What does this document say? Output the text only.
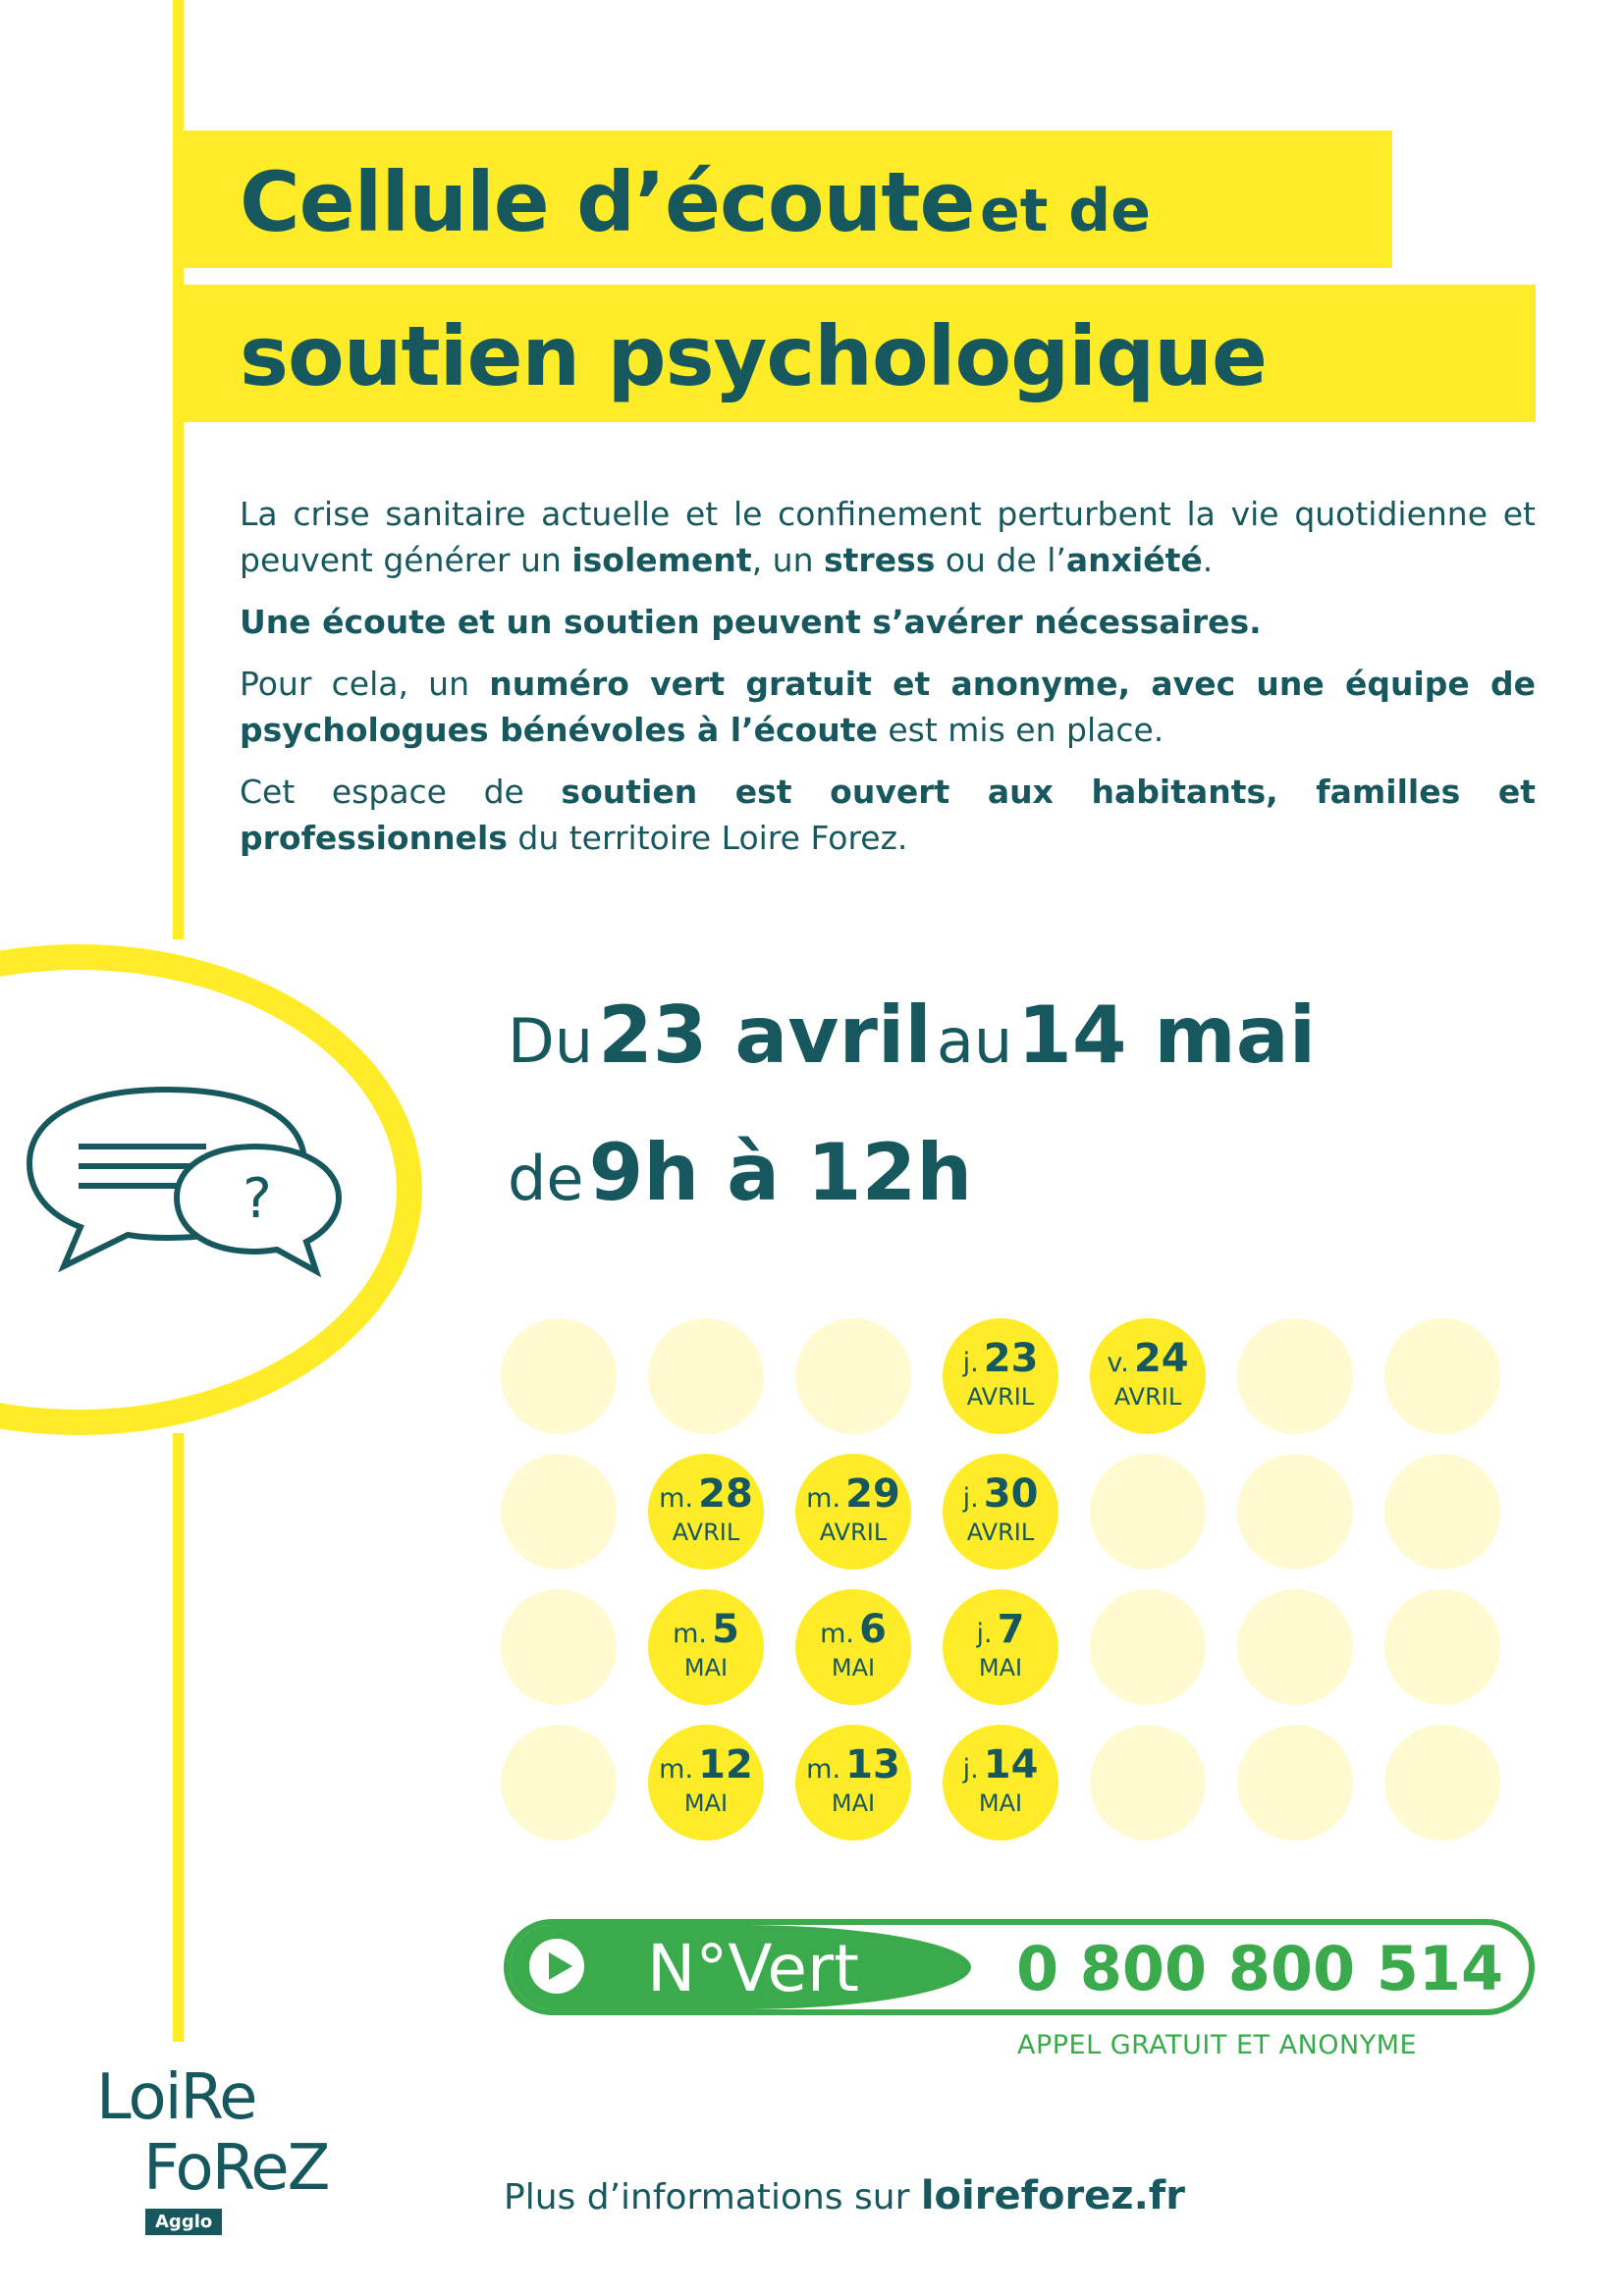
Cellule d’écoute et de
soutien psychologique

La crise sanitaire actuelle et le confinement perturbent la vie quotidienne et peuvent générer un isolement, un stress ou de l’anxiété.

Une écoute et un soutien peuvent s’avérer nécessaires.

Pour cela, un numéro vert gratuit et anonyme, avec une équipe de psychologues bénévoles à l’écoute est mis en place.

Cet espace de soutien est ouvert aux habitants, familles et professionnels du territoire Loire Forez.

?
Du 23 avril au 14 mai
de 9h à 12h
j. 23
AVRIL
v. 24
AVRIL
m. 28
AVRIL
m. 29
AVRIL
j. 30
AVRIL
m. 5
MAI
m. 6
MAI
j. 7
MAI
m. 12
MAI
m. 13
MAI
j. 14
MAI
N°Vert	0 800 800 514
APPEL GRATUIT ET ANONYME
LoiRe
FoReZ
Agglo
Plus d’informations sur loireforez.fr
